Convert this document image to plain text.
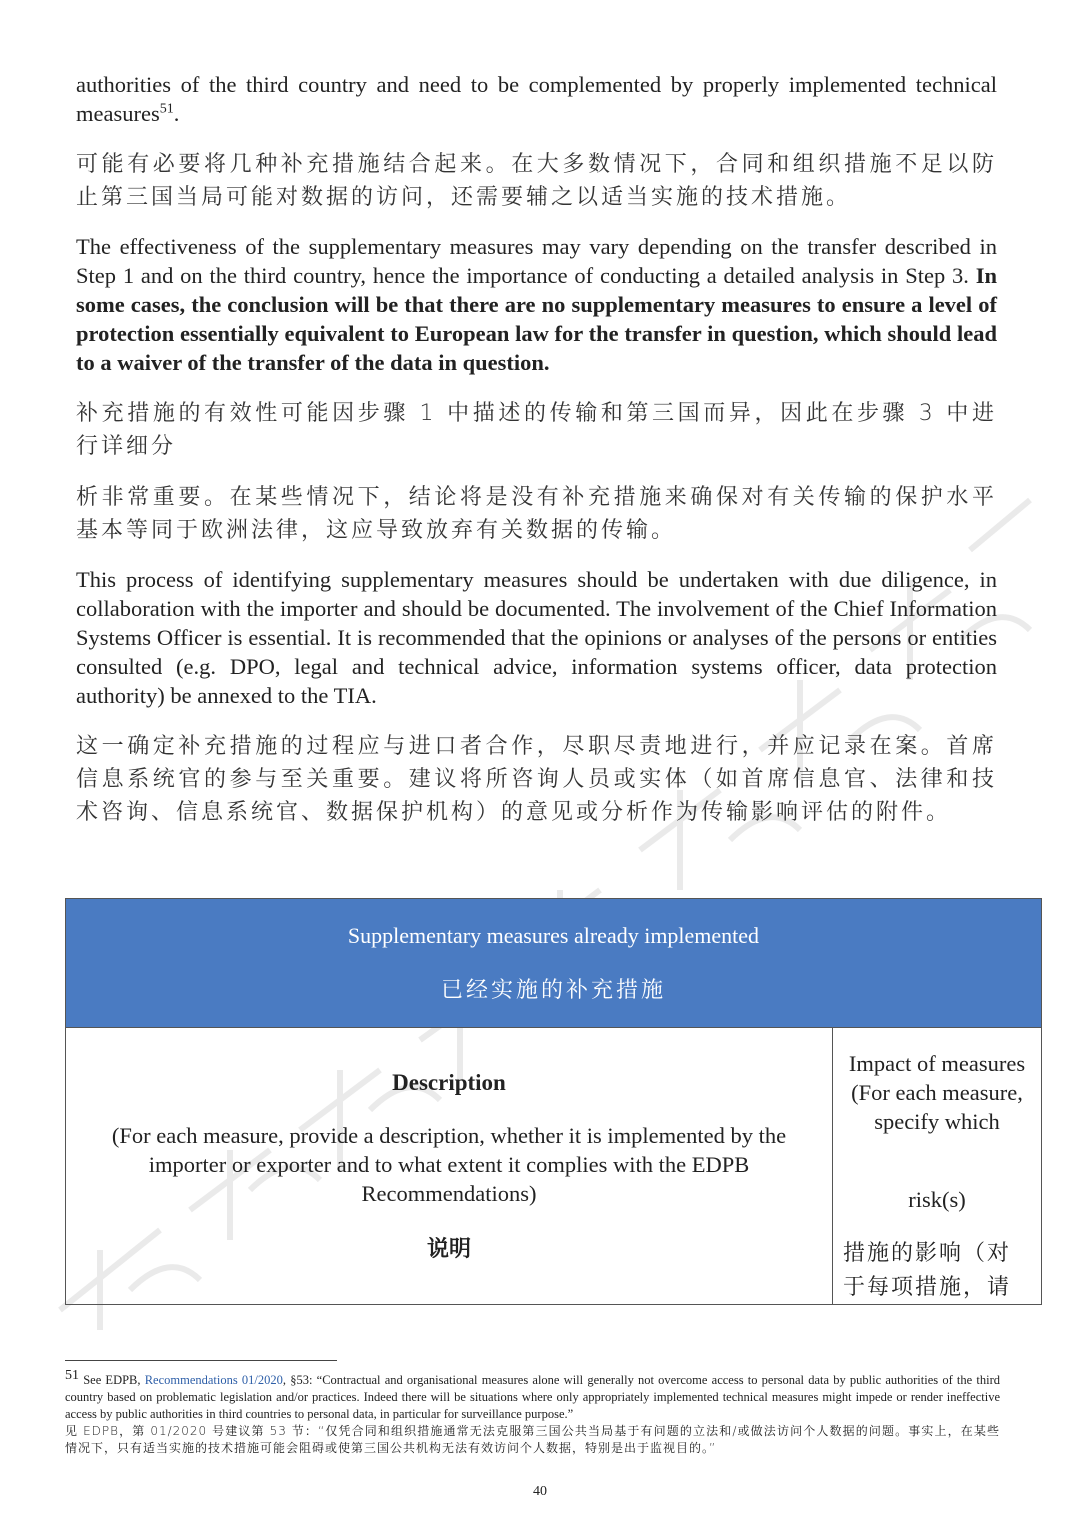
authorities of the third country and need to be complemented by properly implemented technical measures$^{51}$.

可能有必要将几种补充措施结合起来。在大多数情况下，合同和组织措施不足以防止第三国当局可能对数据的访问，还需要辅之以适当实施的技术措施。

The effectiveness of the supplementary measures may vary depending on the transfer described in Step 1 and on the third country, hence the importance of conducting a detailed analysis in Step 3. In some cases, the conclusion will be that there are no supplementary measures to ensure a level of protection essentially equivalent to European law for the transfer in question, which should lead to a waiver of the transfer of the data in question.

补充措施的有效性可能因步骤 1 中描述的传输和第三国而异，因此在步骤 3 中进行详细分

析非常重要。在某些情况下，结论将是没有补充措施来确保对有关传输的保护水平基本等同于欧洲法律，这应导致放弃有关数据的传输。

This process of identifying supplementary measures should be undertaken with due diligence, in collaboration with the importer and should be documented. The involvement of the Chief Information Systems Officer is essential. It is recommended that the opinions or analyses of the persons or entities consulted (e.g. DPO, legal and technical advice, information systems officer, data protection authority) be annexed to the TIA.

这一确定补充措施的过程应与进口者合作，尽职尽责地进行，并应记录在案。首席信息系统官的参与至关重要。建议将所咨询人员或实体（如首席信息官、法律和技术咨询、信息系统官、数据保护机构）的意见或分析作为传输影响评估的附件。

Supplementary measures already implemented
已经实施的补充措施
Description
(For each measure, provide a description, whether it is implemented by the importer or exporter and to what extent it complies with the EDPB Recommendations)
说明
Impact of measures (For each measure, specify which
risk(s)
措施的影响（对于每项措施，请
$^{51}$ See EDPB, Recommendations 01/2020, §53: “Contractual and organisational measures alone will generally not overcome access to personal data by public authorities of the third country based on problematic legislation and/or practices. Indeed there will be situations where only appropriately implemented technical measures might impede or render ineffective access by public authorities in third countries to personal data, in particular for surveillance purpose.”
见 EDPB，第 01/2020 号建议第 53 节：“仅凭合同和组织措施通常无法克服第三国公共当局基于有问题的立法和/或做法访问个人数据的问题。事实上，在某些情况下，只有适当实施的技术措施可能会阻碍或使第三国公共机构无法有效访问个人数据，特别是出于监视目的。”
40
